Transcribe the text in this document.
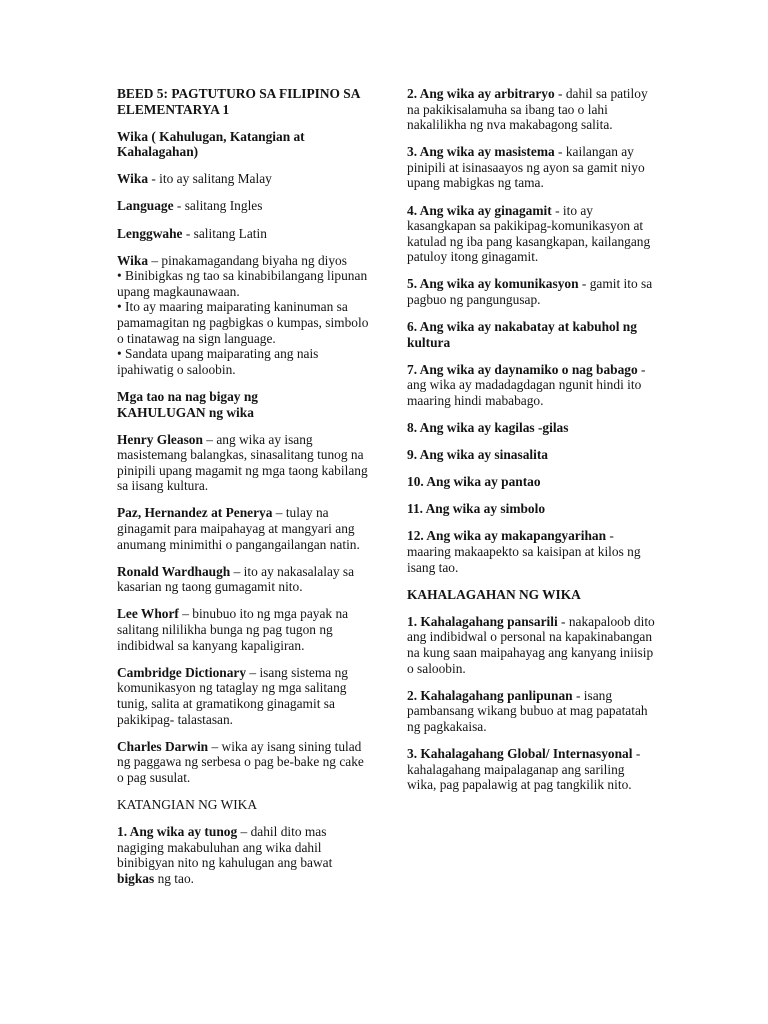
BEED 5: PAGTUTURO SA FILIPINO SA ELEMENTARYA 1
Wika ( Kahulugan, Katangian at Kahalagahan)
Wika - ito ay salitang Malay
Language - salitang Ingles
Lenggwahe - salitang Latin
Wika – pinakamagandang biyaha ng diyos
• Binibigkas ng tao sa kinabibilangang lipunan upang magkaunawaan.
• Ito ay maaring maiparating kaninuman sa pamamagitan ng pagbigkas o kumpas, simbolo o tinatawag na sign language.
• Sandata upang maiparating ang nais ipahiwatig o saloobin.
Mga tao na nag bigay ng
KAHULUGAN ng wika
Henry Gleason – ang wika ay isang masistemang balangkas, sinasalitang tunog na pinipili upang magamit ng mga taong kabilang sa iisang kultura.
Paz, Hernandez at Penerya – tulay na ginagamit para maipahayag at mangyari ang anumang minimithi o pangangailangan natin.
Ronald Wardhaugh – ito ay nakasalalay sa kasarian ng taong gumagamit nito.
Lee Whorf – binubuo ito ng mga payak na salitang nililikha bunga ng pag tugon ng indibidwal sa kanyang kapaligiran.
Cambridge Dictionary – isang sistema ng komunikasyon ng tataglay ng mga salitang tunig, salita at gramatikong ginagamit sa pakikipag- talastasan.
Charles Darwin – wika ay isang sining tulad ng paggawa ng serbesa o pag be-bake ng cake o pag susulat.
KATANGIAN NG WIKA
1. Ang wika ay tunog – dahil dito mas nagiging makabuluhan ang wika dahil binibigyan nito ng kahulugan ang bawat bigkas ng tao.
2. Ang wika ay arbitraryo - dahil sa patiloy na pakikisalamuha sa ibang tao o lahi nakalilikha ng nva makabagong salita.
3. Ang wika ay masistema - kailangan ay pinipili at isinasaayos ng ayon sa gamit niyo upang mabigkas ng tama.
4. Ang wika ay ginagamit - ito ay kasangkapan sa pakikipag-komunikasyon at katulad ng iba pang kasangkapan, kailangang patuloy itong ginagamit.
5. Ang wika ay komunikasyon - gamit ito sa pagbuo ng pangungusap.
6. Ang wika ay nakabatay at kabuhol ng kultura
7. Ang wika ay daynamiko o nag babago - ang wika ay madadagdagan ngunit hindi ito maaring hindi mababago.
8. Ang wika ay kagilas -gilas
9. Ang wika ay sinasalita
10. Ang wika ay pantao
11. Ang wika ay simbolo
12. Ang wika ay makapangyarihan - maaring makaapekto sa kaisipan at kilos ng isang tao.
KAHALAGAHAN NG WIKA
1. Kahalagahang pansarili - nakapaloob dito ang indibidwal o personal na kapakinabangan na kung saan maipahayag ang kanyang iniisip o saloobin.
2. Kahalagahang panlipunan - isang pambansang wikang bubuo at mag papatatah ng pagkakaisa.
3. Kahalagahang Global/ Internasyonal - kahalagahang maipalaganap ang sariling wika, pag papalawig at pag tangkilik nito.
